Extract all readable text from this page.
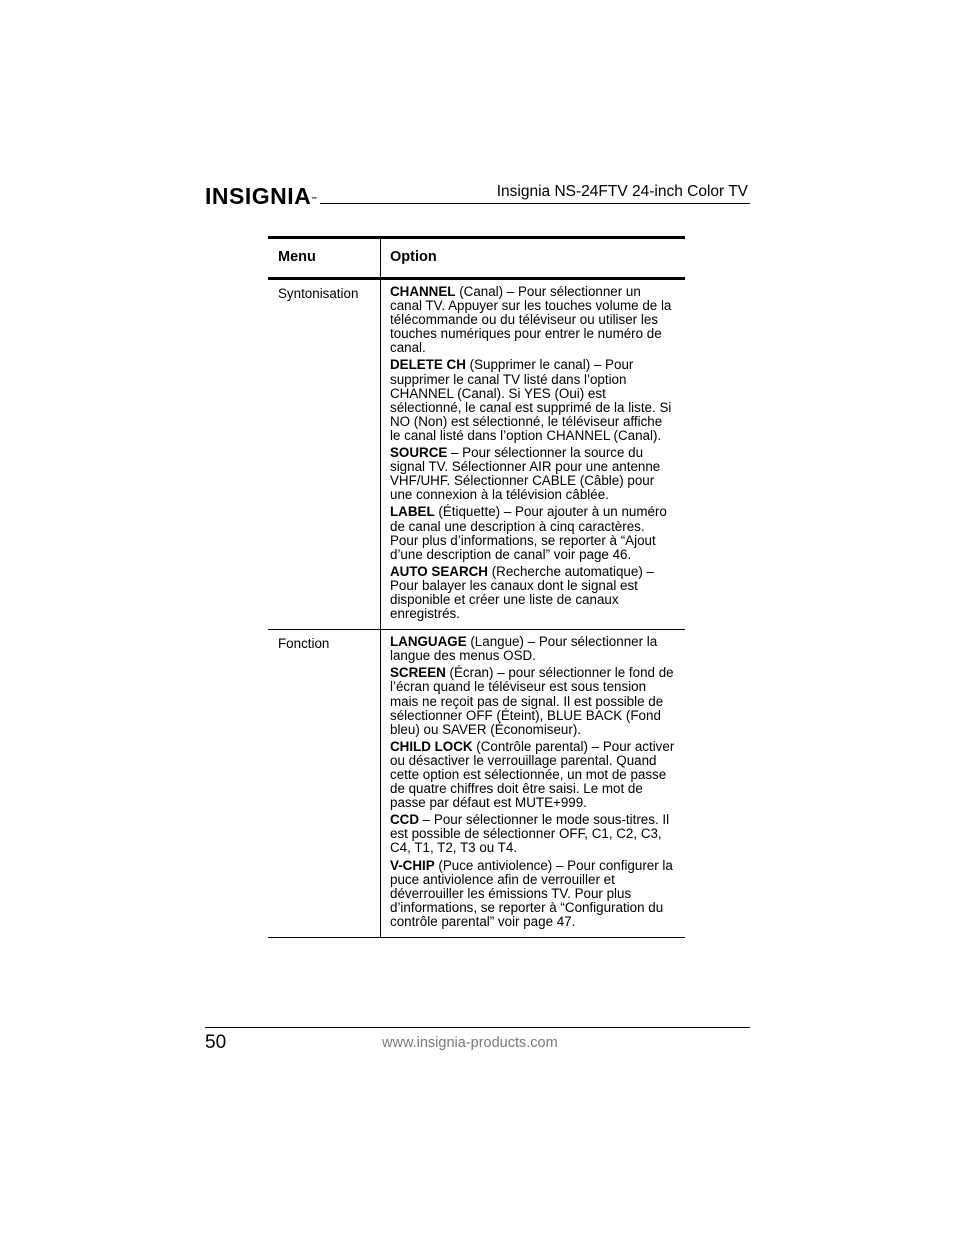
INSIGNIA™	Insignia NS-24FTV 24-inch Color TV
Menu	Option
Syntonisation	CHANNEL (Canal) – Pour sélectionner un canal TV. Appuyer sur les touches volume de la télécommande ou du téléviseur ou utiliser les touches numériques pour entrer le numéro de canal.

DELETE CH (Supprimer le canal) – Pour supprimer le canal TV listé dans l’option CHANNEL (Canal). Si YES (Oui) est sélectionné, le canal est supprimé de la liste. Si NO (Non) est sélectionné, le téléviseur affiche le canal listé dans l’option CHANNEL (Canal).

SOURCE – Pour sélectionner la source du signal TV. Sélectionner AIR pour une antenne VHF/UHF. Sélectionner CABLE (Câble) pour une connexion à la télévision câblée.

LABEL (Étiquette) – Pour ajouter à un numéro de canal une description à cinq caractères. Pour plus d’informations, se reporter à “Ajout d’une description de canal” voir page 46.

AUTO SEARCH (Recherche automatique) – Pour balayer les canaux dont le signal est disponible et créer une liste de canaux enregistrés.

Fonction	LANGUAGE (Langue) – Pour sélectionner la langue des menus OSD.

SCREEN (Écran) – pour sélectionner le fond de l’écran quand le téléviseur est sous tension mais ne reçoit pas de signal. Il est possible de sélectionner OFF (Éteint), BLUE BACK (Fond bleu) ou SAVER (Économiseur).

CHILD LOCK (Contrôle parental) – Pour activer ou désactiver le verrouillage parental. Quand cette option est sélectionnée, un mot de passe de quatre chiffres doit être saisi. Le mot de passe par défaut est MUTE+999.

CCD – Pour sélectionner le mode sous-titres. Il est possible de sélectionner OFF, C1, C2, C3, C4, T1, T2, T3 ou T4.

V-CHIP (Puce antiviolence) – Pour configurer la puce antiviolence afin de verrouiller et déverrouiller les émissions TV. Pour plus d’informations, se reporter à “Configuration du contrôle parental” voir page 47.

50	www.insignia-products.com
